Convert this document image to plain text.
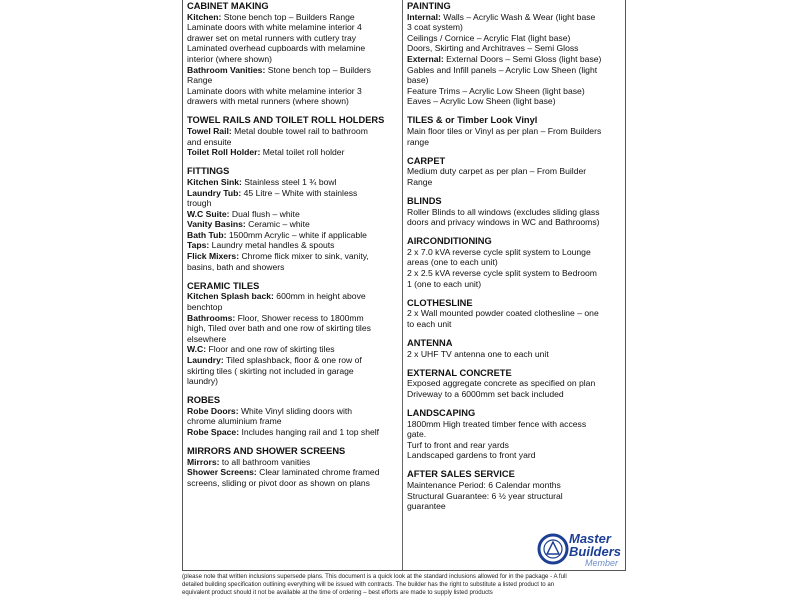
CABINET MAKING
Kitchen: Stone bench top – Builders Range
Laminate doors with white melamine interior 4
drawer set on metal runners with cutlery tray
Laminated overhead cupboards with melamine
interior (where shown)
Bathroom Vanities: Stone bench top – Builders
Range
Laminate doors with white melamine interior 3
drawers with metal runners (where shown)
TOWEL RAILS AND TOILET ROLL HOLDERS
Towel Rail: Metal double towel rail to bathroom
and ensuite
Toilet Roll Holder: Metal toilet roll holder
FITTINGS
Kitchen Sink: Stainless steel 1 ¾ bowl
Laundry Tub: 45 Litre – White with stainless
trough
W.C Suite: Dual flush – white
Vanity Basins: Ceramic – white
Bath Tub: 1500mm Acrylic – white if applicable
Taps: Laundry metal handles & spouts
Flick Mixers: Chrome flick mixer to sink, vanity,
basins, bath and showers
CERAMIC TILES
Kitchen Splash back: 600mm in height above
benchtop
Bathrooms: Floor, Shower recess to 1800mm
high, Tiled over bath and one row of skirting tiles
elsewhere
W.C: Floor and one row of skirting tiles
Laundry: Tiled splashback, floor & one row of
skirting tiles ( skirting not included in garage
laundry)
ROBES
Robe Doors: White Vinyl sliding doors with
chrome aluminium frame
Robe Space: Includes hanging rail and 1 top shelf
MIRRORS AND SHOWER SCREENS
Mirrors: to all bathroom vanities
Shower Screens: Clear laminated chrome framed
screens, sliding or pivot door as shown on plans
PAINTING
Internal: Walls – Acrylic Wash & Wear (light base
3 coat system)
Ceilings / Cornice – Acrylic Flat (light base)
Doors, Skirting and Architraves – Semi Gloss
External: External Doors – Semi Gloss (light base)
Gables and Infill panels – Acrylic Low Sheen (light
base)
Feature Trims – Acrylic Low Sheen (light base)
Eaves – Acrylic Low Sheen (light base)
TILES & or Timber Look Vinyl
Main floor tiles or Vinyl as per plan – From Builders
range
CARPET
Medium duty carpet as per plan – From Builder
Range
BLINDS
Roller Blinds to all windows (excludes sliding glass
doors and privacy windows in WC and Bathrooms)
AIRCONDITIONING
2 x 7.0 kVA reverse cycle split system to Lounge
areas (one to each unit)
2 x 2.5 kVA reverse cycle split system to Bedroom
1 (one to each unit)
CLOTHESLINE
2 x Wall mounted powder coated clothesline – one
to each unit
ANTENNA
2 x UHF TV antenna one to each unit
EXTERNAL CONCRETE
Exposed aggregate concrete as specified on plan
Driveway to a 6000mm set back included
LANDSCAPING
1800mm High treated timber fence with access
gate.
Turf to front and rear yards
Landscaped gardens to front yard
AFTER SALES SERVICE
Maintenance Period: 6 Calendar months
Structural Guarantee: 6 ½ year structural
guarantee
Master
Builders
Member
(please note that written inclusions supersede plans. This document is a quick look at the standard inclusions allowed for in the package - A full
detailed building specification outlining everything will be issued with contracts. The builder has the right to substitute a listed product to an
equivalent product should it not be available at the time of ordering – best efforts are made to supply listed products
